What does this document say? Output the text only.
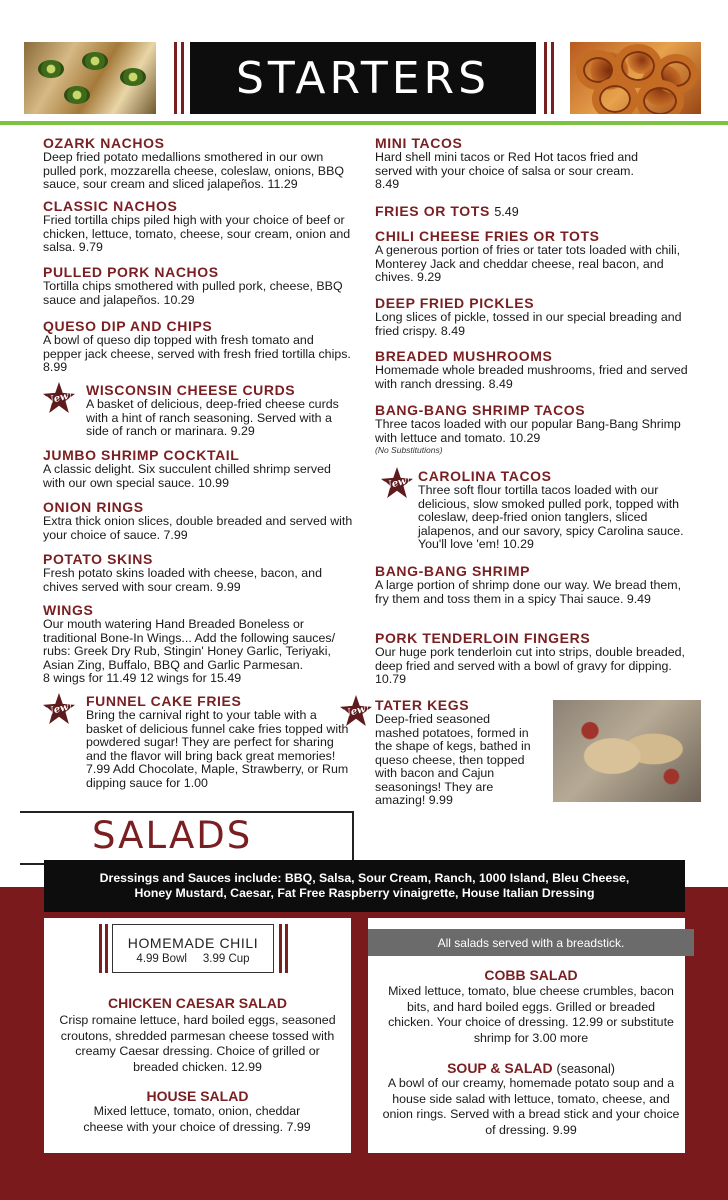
STARTERS
OZARK NACHOS
Deep fried potato medallions smothered in our own pulled pork, mozzarella cheese, coleslaw, onions, BBQ sauce, sour cream and sliced jalapeños. 11.29
CLASSIC NACHOS
Fried tortilla chips piled high with your choice of beef or chicken, lettuce, tomato, cheese, sour cream, onion and salsa. 9.79
PULLED PORK NACHOS
Tortilla chips smothered with pulled pork, cheese, BBQ sauce and jalapeños. 10.29
QUESO DIP AND CHIPS
A bowl of queso dip topped with fresh tomato and pepper jack cheese, served with fresh fried tortilla chips. 8.99
New! WISCONSIN CHEESE CURDS
A basket of delicious, deep-fried cheese curds with a hint of ranch seasoning. Served with a side of ranch or marinara. 9.29
JUMBO SHRIMP COCKTAIL
A classic delight. Six succulent chilled shrimp served with our own special sauce. 10.99
ONION RINGS
Extra thick onion slices, double breaded and served with your choice of sauce. 7.99
POTATO SKINS
Fresh potato skins loaded with cheese, bacon, and chives served with sour cream. 9.99
WINGS
Our mouth watering Hand Breaded Boneless or traditional Bone-In Wings... Add the following sauces/ rubs: Greek Dry Rub, Stingin' Honey Garlic, Teriyaki, Asian Zing, Buffalo, BBQ and Garlic Parmesan.
8 wings for 11.49 12 wings for 15.49
New! FUNNEL CAKE FRIES
Bring the carnival right to your table with a basket of delicious funnel cake fries topped with powdered sugar! They are perfect for sharing and the flavor will bring back great memories! 7.99 Add Chocolate, Maple, Strawberry, or Rum dipping sauce for 1.00
MINI TACOS
Hard shell mini tacos or Red Hot tacos fried and served with your choice of salsa or sour cream. 8.49
FRIES OR TOTS 5.49
CHILI CHEESE FRIES OR TOTS
A generous portion of fries or tater tots loaded with chili, Monterey Jack and cheddar cheese, real bacon, and chives. 9.29
DEEP FRIED PICKLES
Long slices of pickle, tossed in our special breading and fried crispy. 8.49
BREADED MUSHROOMS
Homemade whole breaded mushrooms, fried and served with ranch dressing. 8.49
BANG-BANG SHRIMP TACOS
Three tacos loaded with our popular Bang-Bang Shrimp with lettuce and tomato. 10.29
(No Substitutions)
New! CAROLINA TACOS
Three soft flour tortilla tacos loaded with our delicious, slow smoked pulled pork, topped with coleslaw, deep-fried onion tanglers, sliced jalapenos, and our savory, spicy Carolina sauce. You'll love 'em! 10.29
BANG-BANG SHRIMP
A large portion of shrimp done our way. We bread them, fry them and toss them in a spicy Thai sauce. 9.49
PORK TENDERLOIN FINGERS
Our huge pork tenderloin cut into strips, double breaded, deep fried and served with a bowl of gravy for dipping. 10.79
New! TATER KEGS
Deep-fried seasoned mashed potatoes, formed in the shape of kegs, bathed in queso cheese, then topped with bacon and Cajun seasonings! They are amazing! 9.99
SALADS
Dressings and Sauces include: BBQ, Salsa, Sour Cream, Ranch, 1000 Island, Bleu Cheese,
Honey Mustard, Caesar, Fat Free Raspberry vinaigrette, House Italian Dressing
HOMEMADE CHILI
4.99 Bowl     3.99 Cup
All salads served with a breadstick.
CHICKEN CAESAR SALAD
Crisp romaine lettuce, hard boiled eggs, seasoned croutons, shredded parmesan cheese tossed with creamy Caesar dressing. Choice of grilled or breaded chicken. 12.99
HOUSE SALAD
Mixed lettuce, tomato, onion, cheddar cheese with your choice of dressing. 7.99
COBB SALAD
Mixed lettuce, tomato, blue cheese crumbles, bacon bits, and hard boiled eggs. Grilled or breaded chicken. Your choice of dressing. 12.99 or substitute shrimp for 3.00 more
SOUP & SALAD (seasonal)
A bowl of our creamy, homemade potato soup and a house side salad with lettuce, tomato, cheese, and onion rings. Served with a bread stick and your choice of dressing. 9.99
